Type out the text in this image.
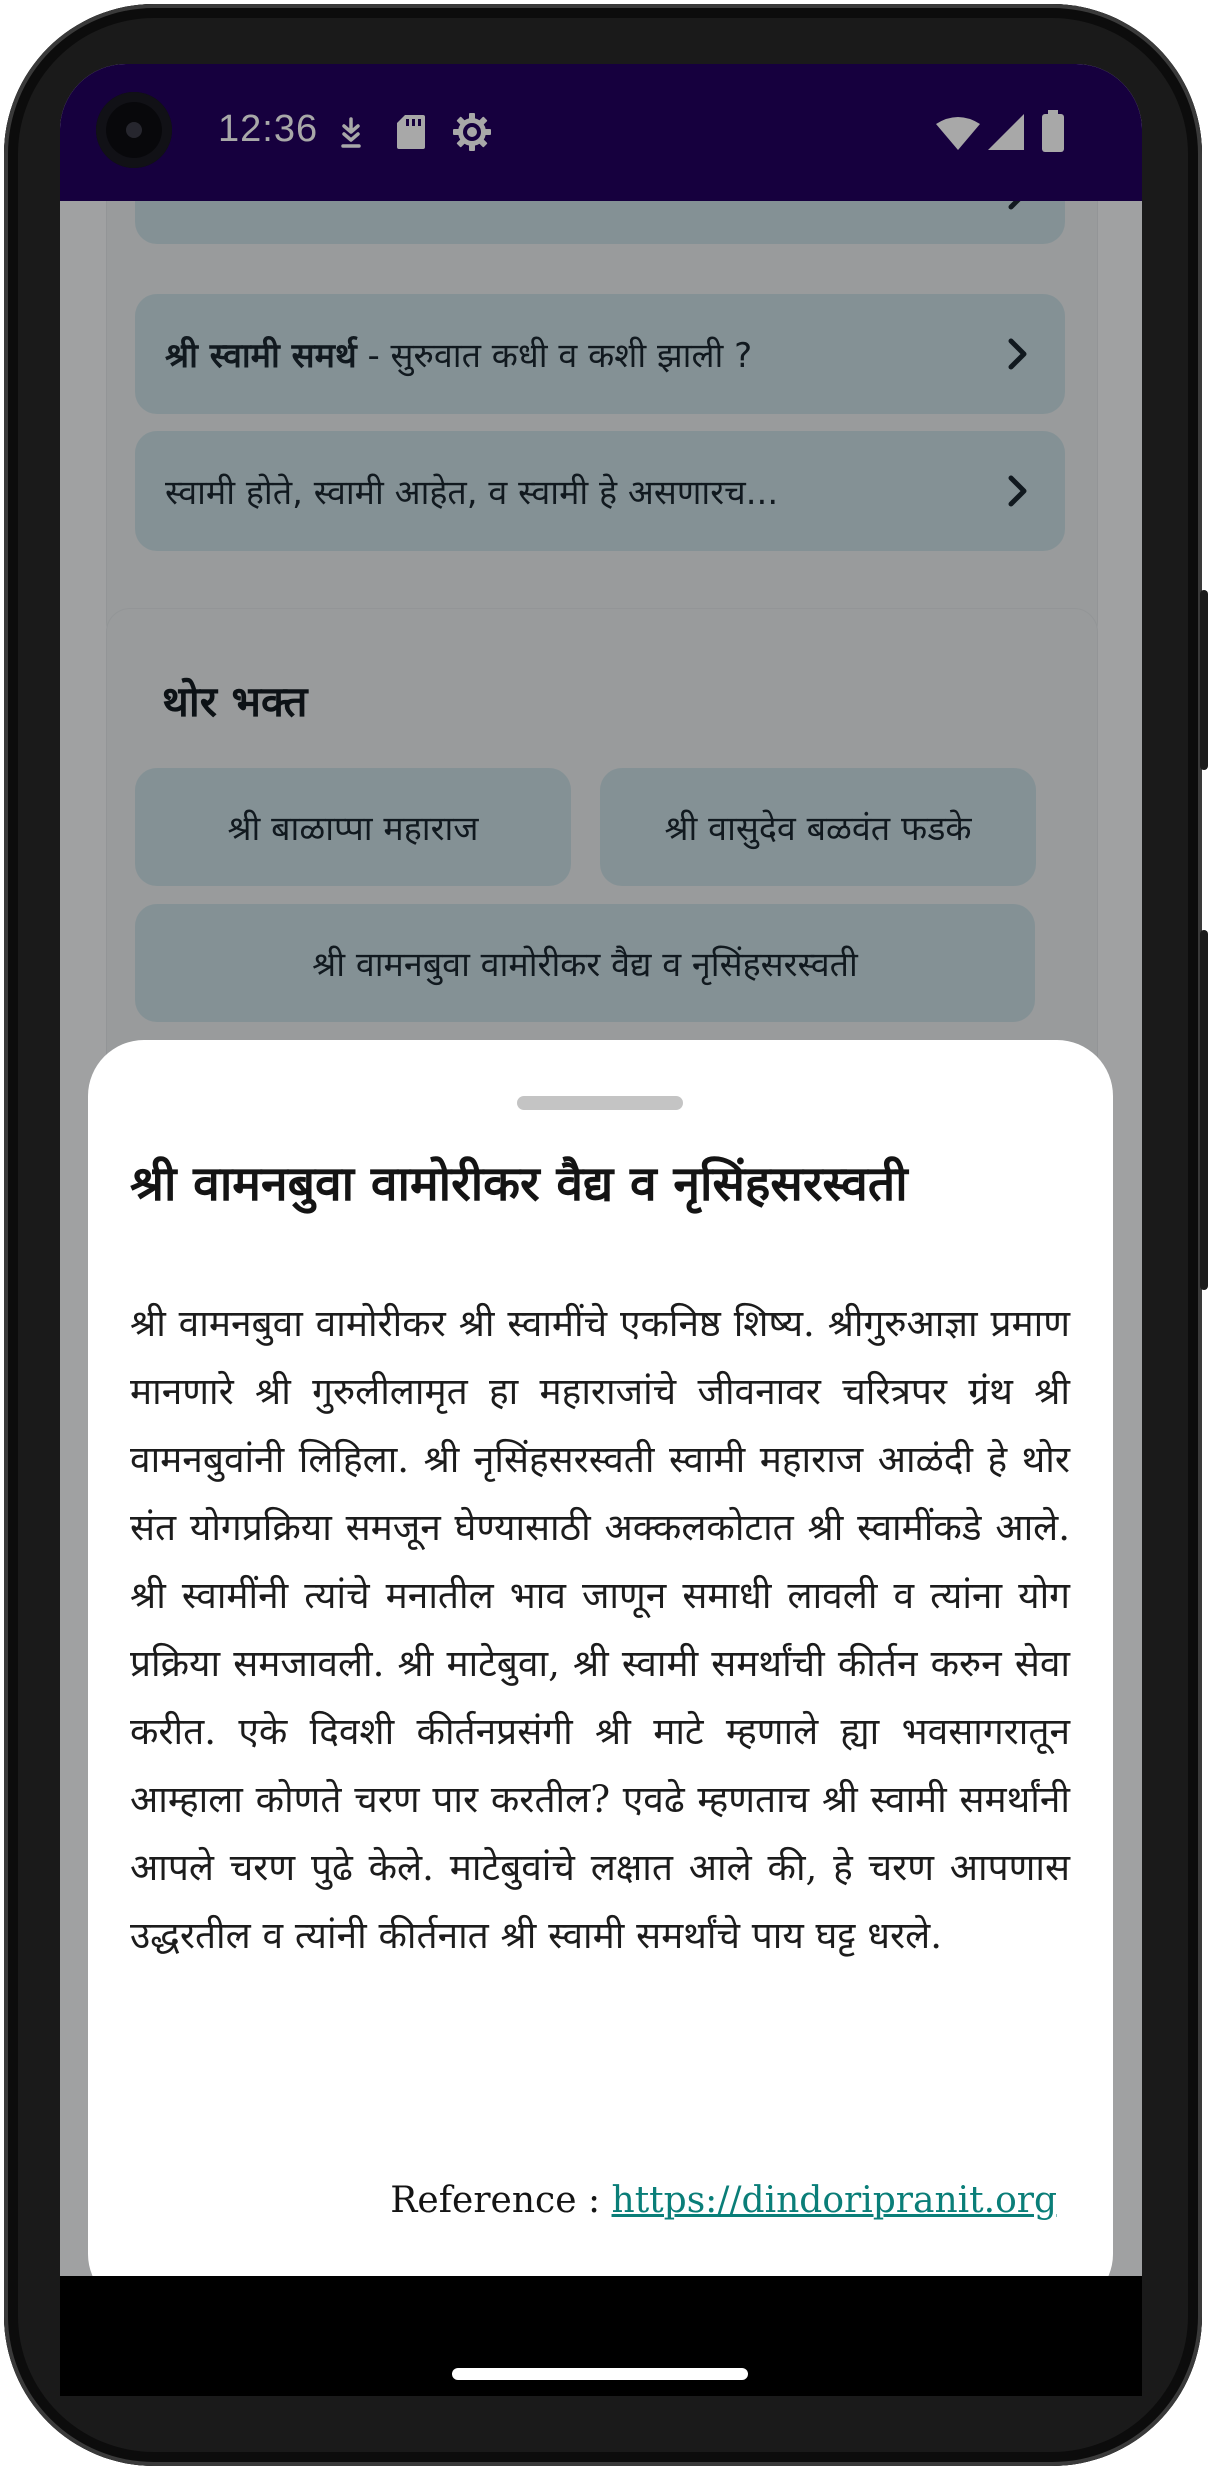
श्री स्वामी समर्थ - सुरुवात कधी व कशी झाली ?
स्वामी होते, स्वामी आहेत, व स्वामी हे असणारच...
थोर भक्त
श्री बाळाप्पा महाराज	श्री वासुदेव बळवंत फडके
श्री वामनबुवा वामोरीकर वैद्य व नृसिंहसरस्वती
12:36
श्री वामनबुवा वामोरीकर वैद्य व नृसिंहसरस्वती
श्री वामनबुवा वामोरीकर श्री स्वामींचे एकनिष्ठ शिष्य. श्रीगुरुआज्ञा प्रमाण मानणारे श्री गुरुलीलामृत हा महाराजांचे जीवनावर चरित्रपर ग्रंथ श्री वामनबुवांनी लिहिला. श्री नृसिंहसरस्वती स्वामी महाराज आळंदी हे थोर संत योगप्रक्रिया समजून घेण्यासाठी अक्कलकोटात श्री स्वामींकडे आले. श्री स्वामींनी त्यांचे मनातील भाव जाणून समाधी लावली व त्यांना योग प्रक्रिया समजावली. श्री माटेबुवा, श्री स्वामी समर्थांची कीर्तन करुन सेवा करीत. एके दिवशी कीर्तनप्रसंगी श्री माटे म्हणाले ह्या भवसागरातून आम्हाला कोणते चरण पार करतील? एवढे म्हणताच श्री स्वामी समर्थांनी आपले चरण पुढे केले. माटेबुवांचे लक्षात आले की, हे चरण आपणास उद्धरतील व त्यांनी कीर्तनात श्री स्वामी समर्थांचे पाय घट्ट धरले.
Reference : https://dindoripranit.org
